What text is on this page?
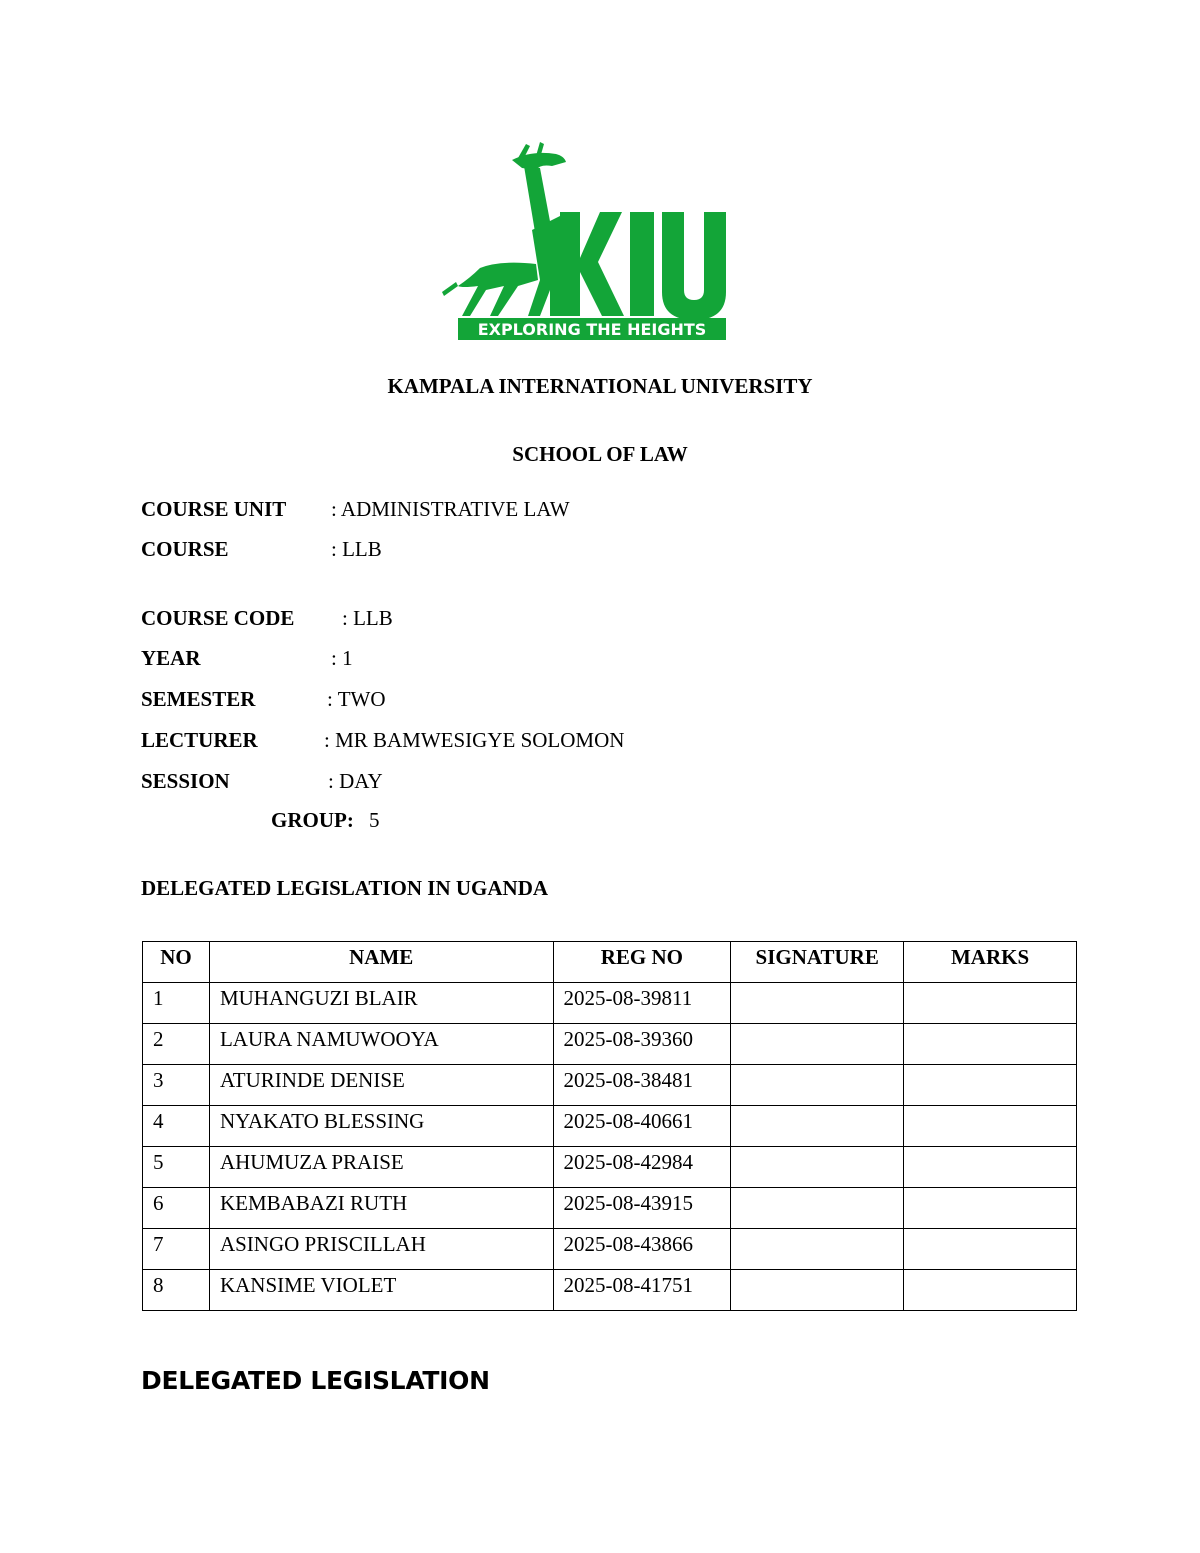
EXPLORING THE HEIGHTS
KAMPALA INTERNATIONAL UNIVERSITY
SCHOOL OF LAW
COURSE UNIT : ADMINISTRATIVE LAW
COURSE	: LLB
COURSE CODE : LLB
YEAR	: 1
SEMESTER	: TWO
LECTURER	: MR BAMWESIGYE SOLOMON
SESSION	: DAY
GROUP: 5
DELEGATED LEGISLATION IN UGANDA
NO	NAME	REG NO	SIGNATURE	MARKS
1	MUHANGUZI BLAIR	2025-08-39811		
2	LAURA NAMUWOOYA	2025-08-39360		
3	ATURINDE DENISE	2025-08-38481		
4	NYAKATO BLESSING	2025-08-40661		
5	AHUMUZA PRAISE	2025-08-42984		
6	KEMBABAZI RUTH	2025-08-43915		
7	ASINGO PRISCILLAH	2025-08-43866		
8	KANSIME VIOLET	2025-08-41751		
DELEGATED LEGISLATION
